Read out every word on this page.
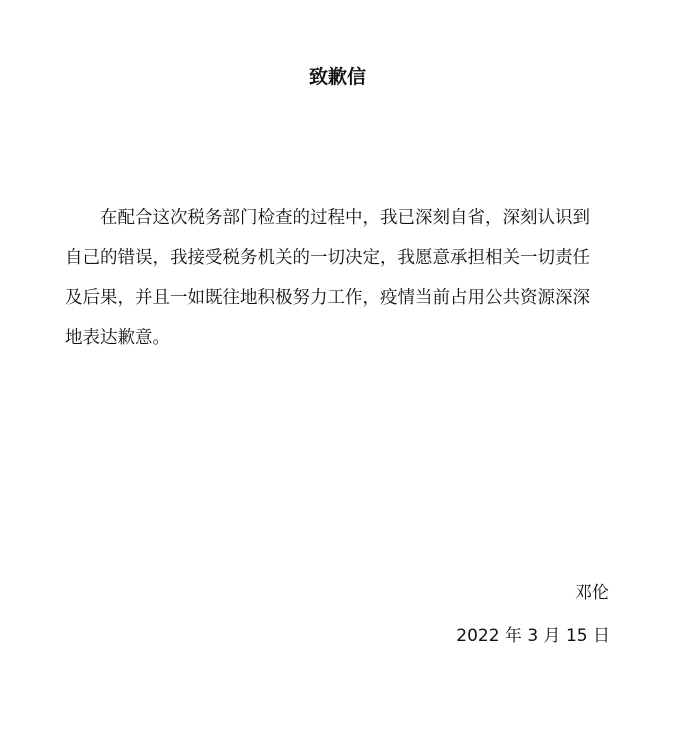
致歉信
在配合这次税务部门检查的过程中，我已深刻自省，深刻认识到
自己的错误，我接受税务机关的一切决定，我愿意承担相关一切责任
及后果，并且一如既往地积极努力工作，疫情当前占用公共资源深深
地表达歉意。
邓伦
2022 年 3 月 15 日
